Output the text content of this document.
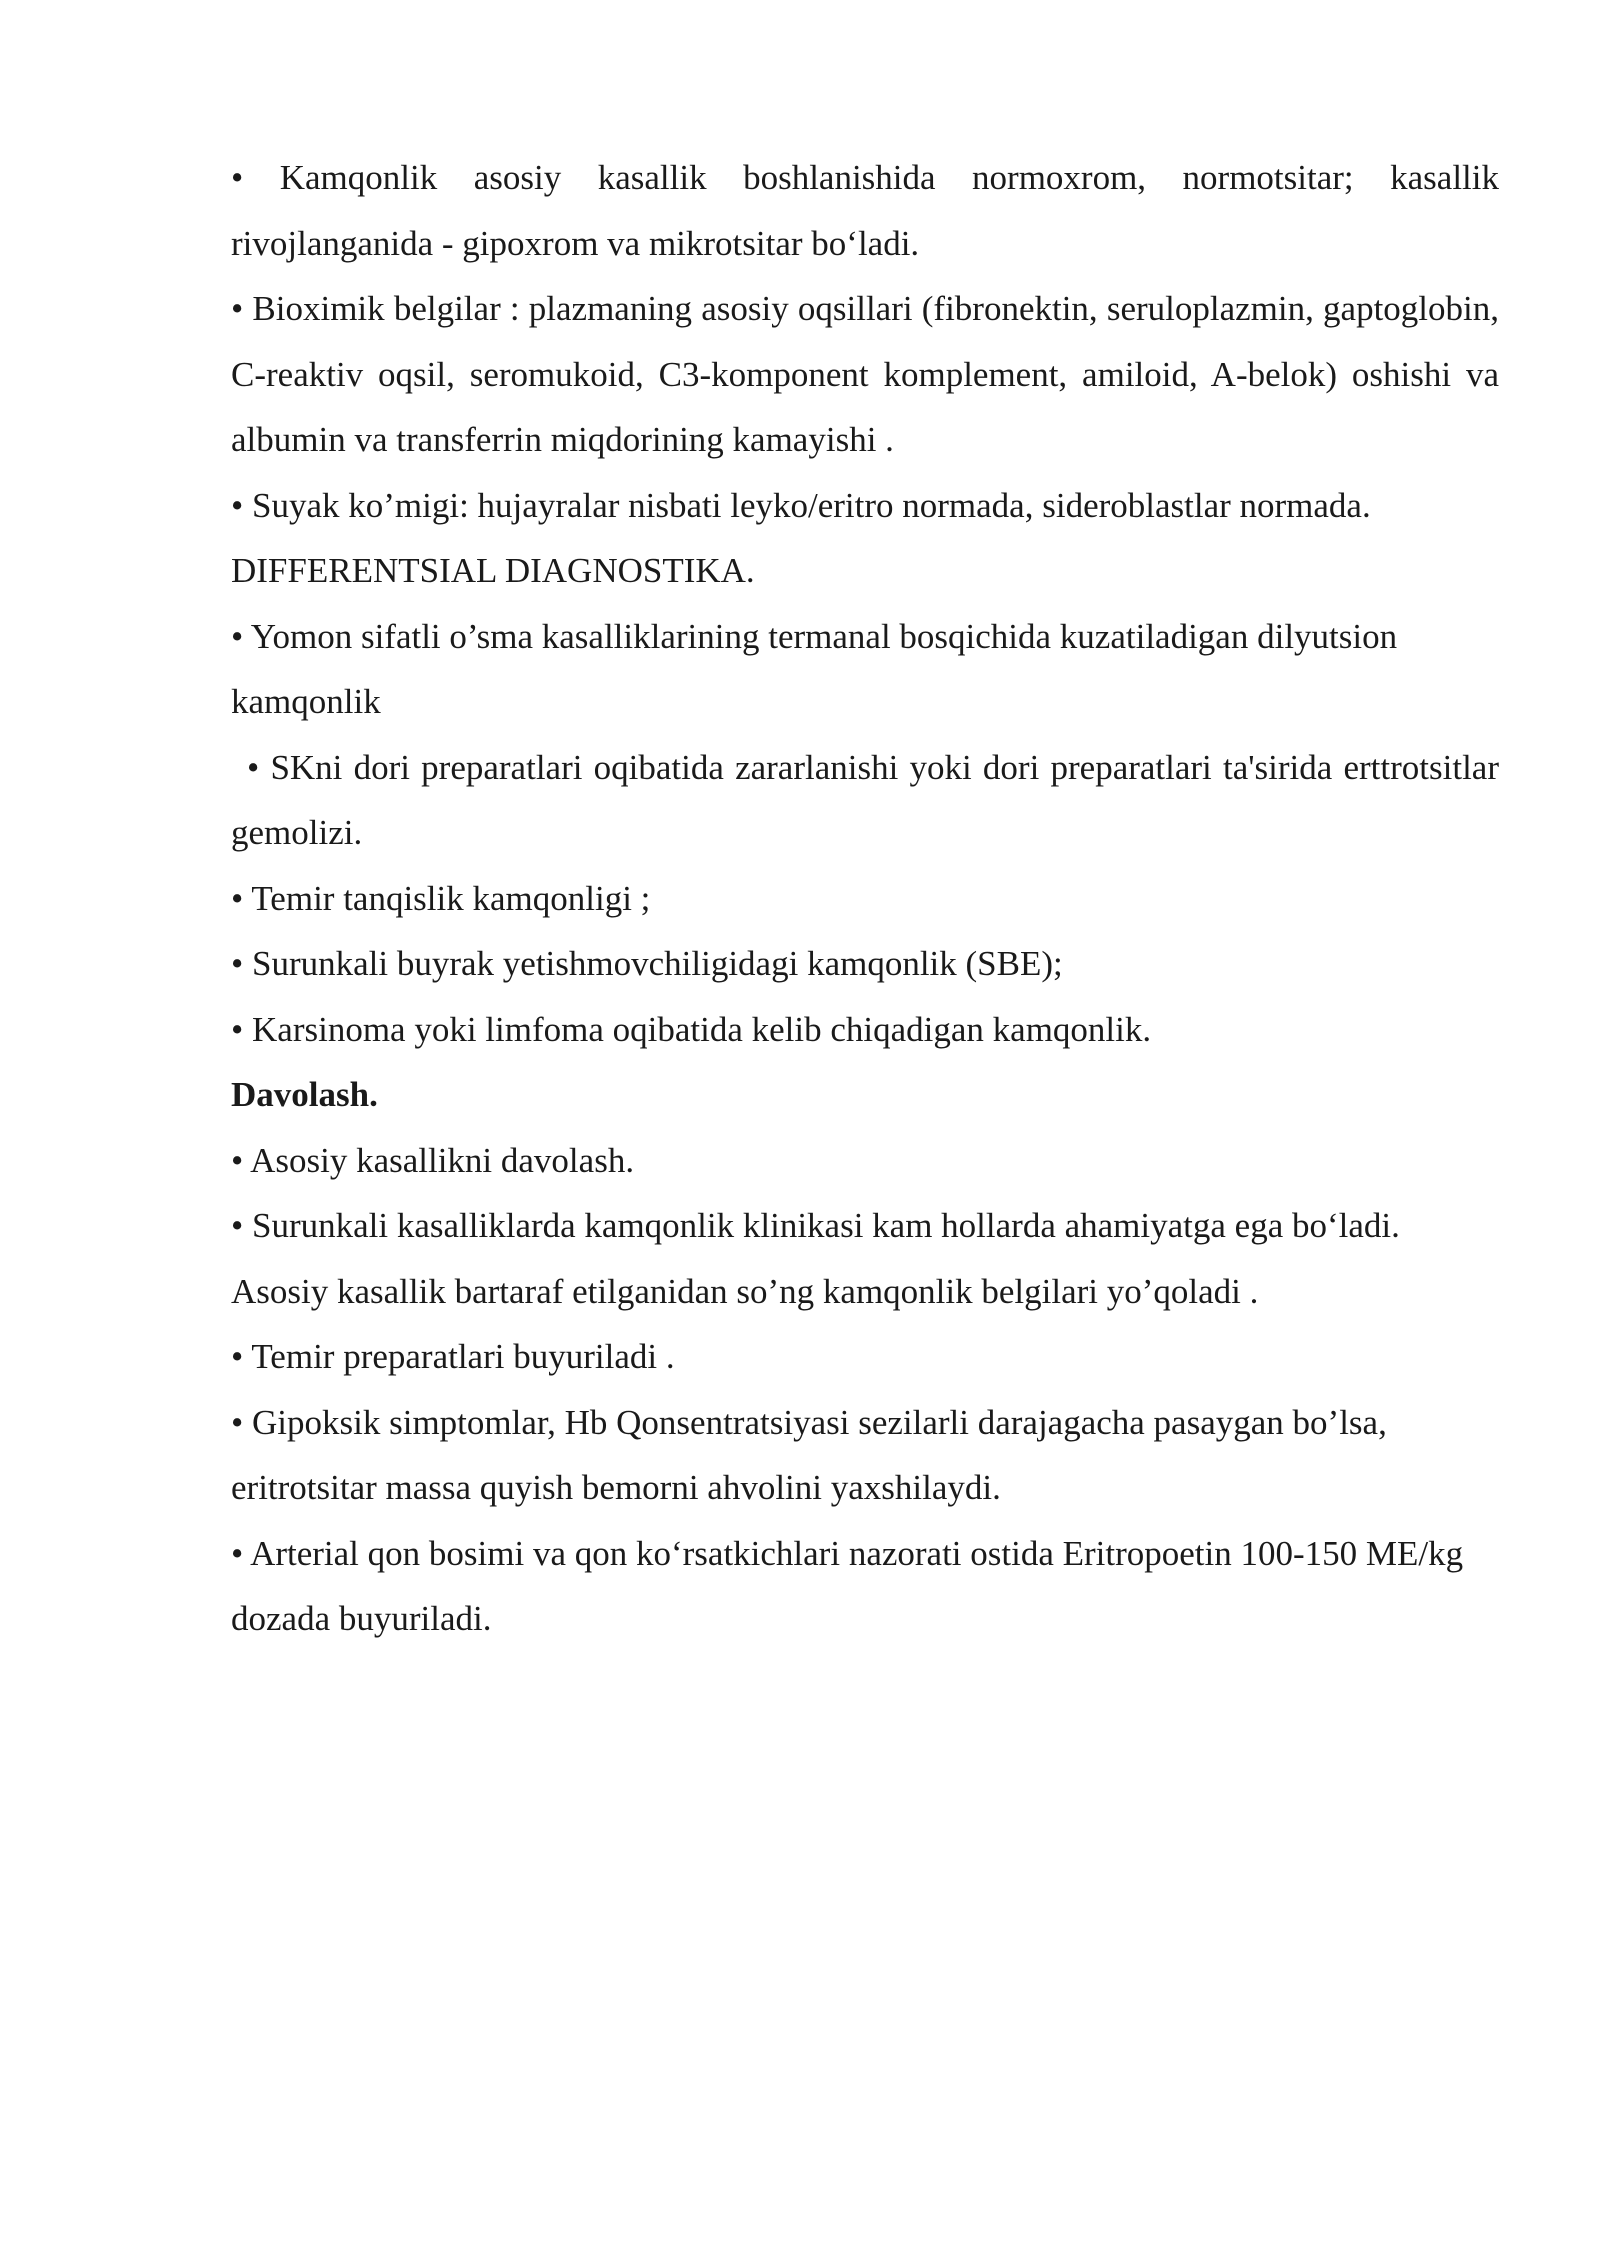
• Kamqonlik asosiy kasallik boshlanishida normoxrom, normotsitar; kasallik rivojlanganida - gipoxrom va mikrotsitar bo‘ladi.

• Bioximik belgilar : plazmaning asosiy oqsillari (fibronektin, seruloplazmin, gaptoglobin, C-reaktiv oqsil, seromukoid, C3-komponent komplement, amiloid, A-belok) oshishi va albumin va transferrin miqdorining kamayishi .

• Suyak ko’migi: hujayralar nisbati leyko/eritro normada, sideroblastlar normada.

DIFFERENTSIAL DIAGNOSTIKA.

• Yomon sifatli o’sma kasalliklarining termanal bosqichida kuzatiladigan dilyutsion kamqonlik

• SKni dori preparatlari oqibatida zararlanishi yoki dori preparatlari ta'sirida erttrotsitlar gemolizi.

• Temir tanqislik kamqonligi ;

• Surunkali buyrak yetishmovchiligidagi kamqonlik (SBE);

• Karsinoma yoki limfoma oqibatida kelib chiqadigan kamqonlik.

Davolash.

• Asosiy kasallikni davolash.

• Surunkali kasalliklarda kamqonlik klinikasi kam hollarda ahamiyatga ega bo‘ladi. Asosiy kasallik bartaraf etilganidan so’ng kamqonlik belgilari yo’qoladi .

• Temir preparatlari buyuriladi .

• Gipoksik simptomlar, Hb Qonsentratsiyasi sezilarli darajagacha pasaygan bo’lsa, eritrotsitar massa quyish bemorni ahvolini yaxshilaydi.

• Arterial qon bosimi va qon ko‘rsatkichlari nazorati ostida Eritropoetin 100-150 ME/kg dozada buyuriladi.
